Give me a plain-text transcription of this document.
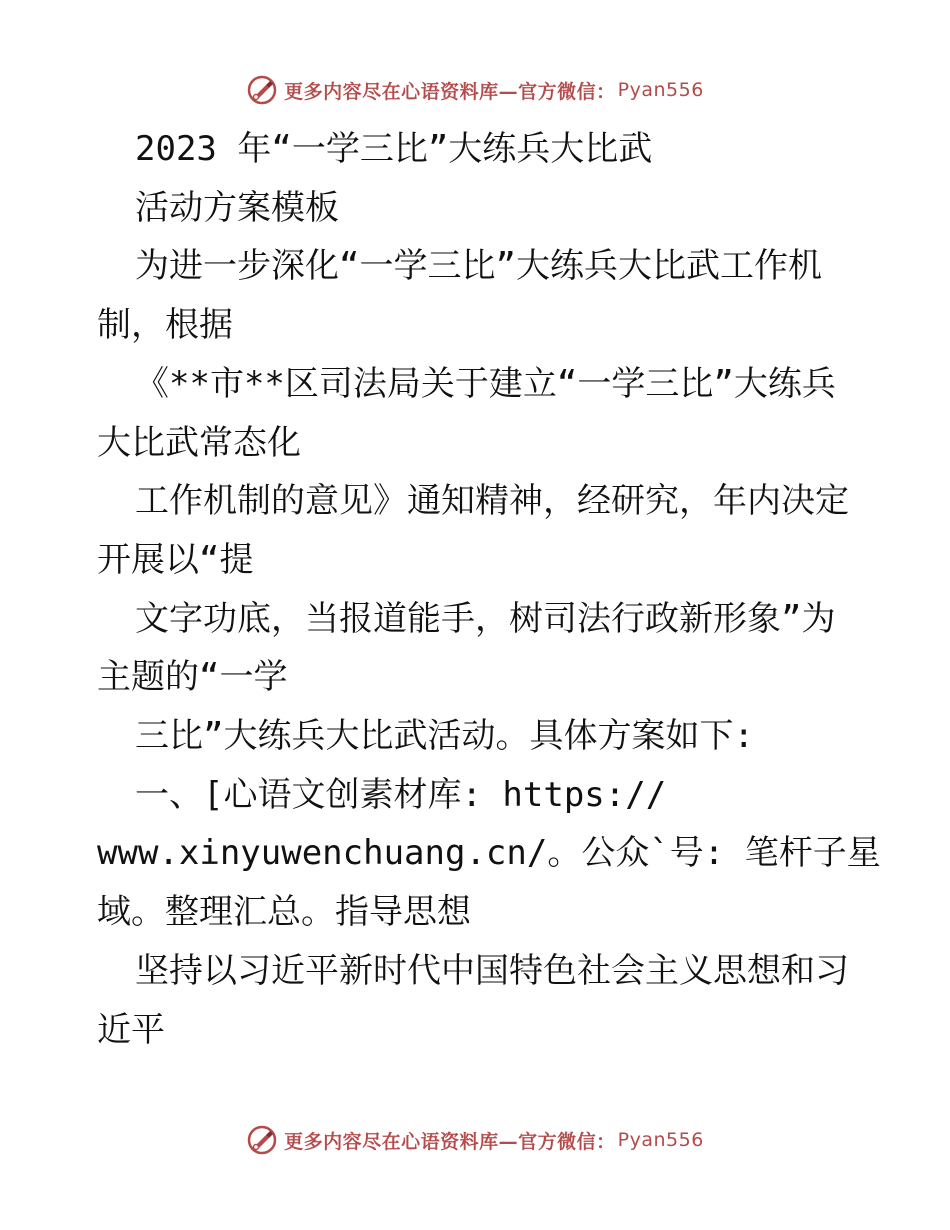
更多内容尽在心语资料库—官方微信： Pyan556

2023 年“一学三比”大练兵大比武

活动方案模板

为进一步深化“一学三比”大练兵大比武工作机

制，根据

《**市**区司法局关于建立“一学三比”大练兵

大比武常态化

工作机制的意见》通知精神，经研究，年内决定

开展以“提

文字功底，当报道能手，树司法行政新形象”为

主题的“一学

三比”大练兵大比武活动。具体方案如下:

一、[心语文创素材库: https://

www.xinyuwenchuang.cn/。公众`号: 笔杆子星

域。整理汇总。指导思想

坚持以习近平新时代中国特色社会主义思想和习

近平

更多内容尽在心语资料库—官方微信： Pyan556
